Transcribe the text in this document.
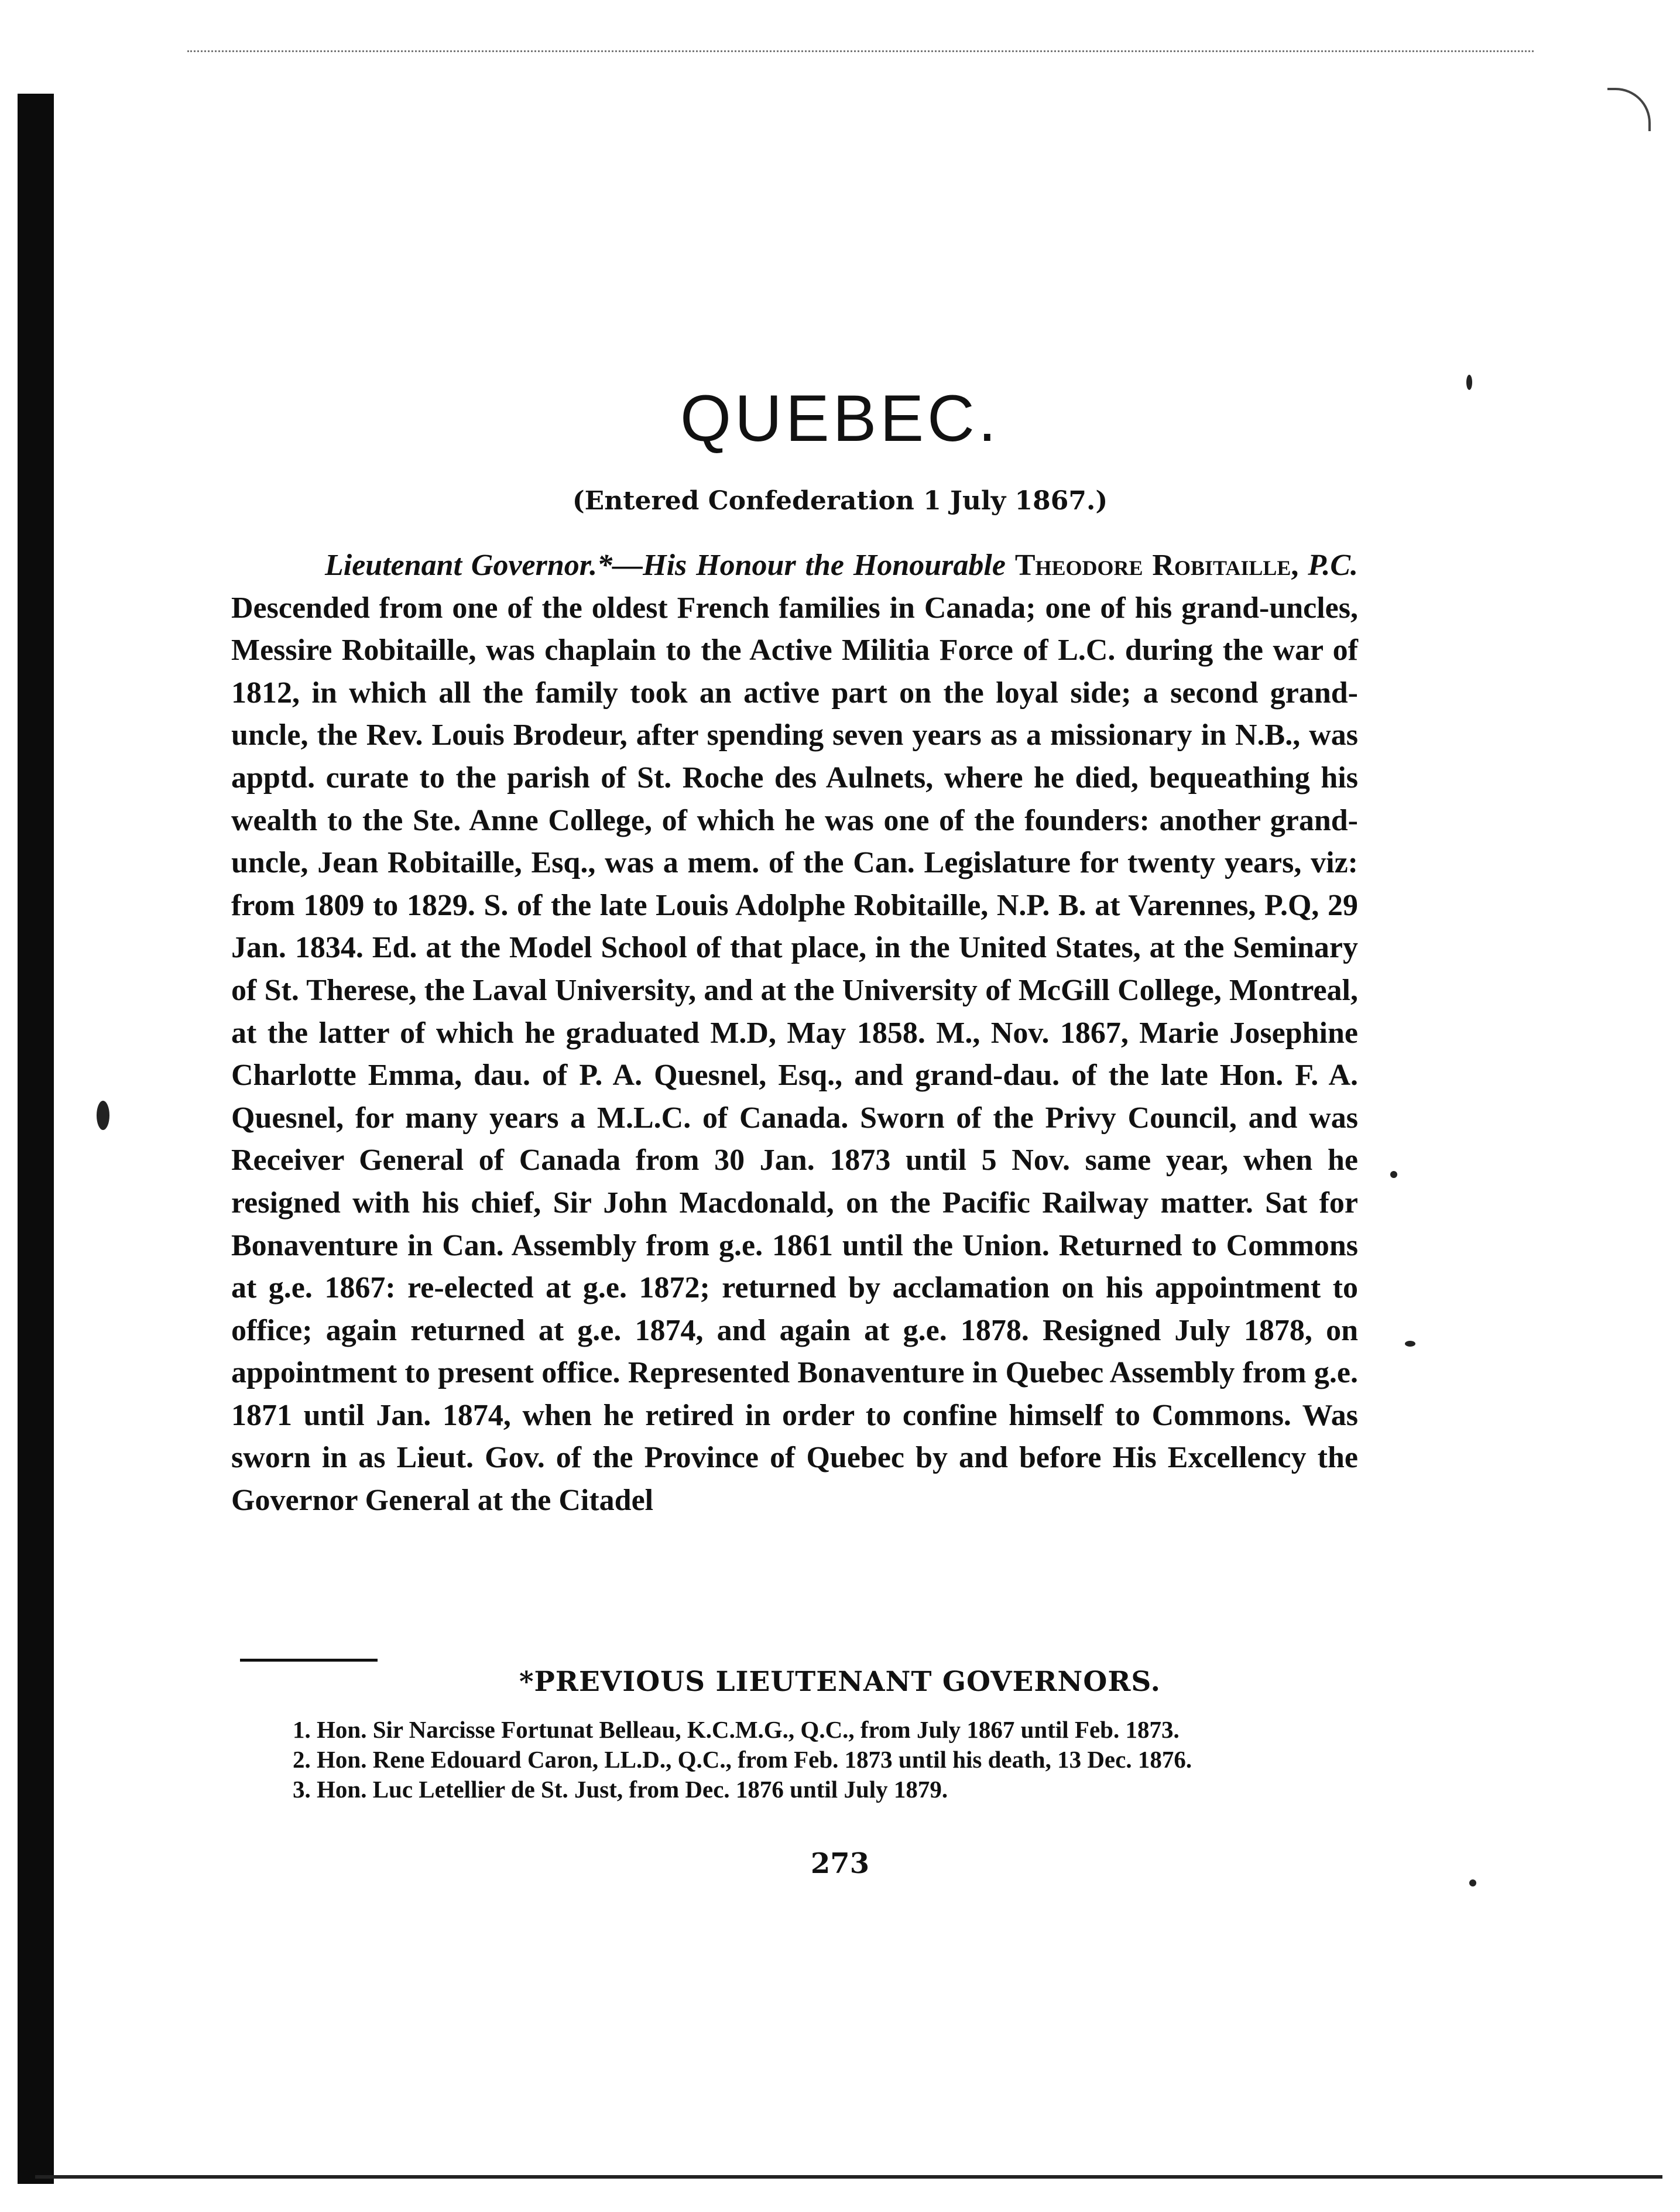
QUEBEC.

(Entered Confederation 1 July 1867.)

Lieutenant Governor.*—His Honour the Honourable Theodore Robitaille, P.C. Descended from one of the oldest French families in Canada; one of his grand-uncles, Messire Robitaille, was chaplain to the Active Militia Force of L.C. during the war of 1812, in which all the family took an active part on the loyal side; a second grand-uncle, the Rev. Louis Brodeur, after spending seven years as a missionary in N.B., was apptd. curate to the parish of St. Roche des Aulnets, where he died, bequeathing his wealth to the Ste. Anne College, of which he was one of the founders: another grand-uncle, Jean Robitaille, Esq., was a mem. of the Can. Legislature for twenty years, viz: from 1809 to 1829. S. of the late Louis Adolphe Robitaille, N.P. B. at Varennes, P.Q, 29 Jan. 1834. Ed. at the Model School of that place, in the United States, at the Seminary of St. Therese, the Laval University, and at the University of McGill College, Montreal, at the latter of which he graduated M.D, May 1858. M., Nov. 1867, Marie Josephine Charlotte Emma, dau. of P. A. Quesnel, Esq., and grand-dau. of the late Hon. F. A. Quesnel, for many years a M.L.C. of Canada. Sworn of the Privy Council, and was Receiver General of Canada from 30 Jan. 1873 until 5 Nov. same year, when he resigned with his chief, Sir John Macdonald, on the Pacific Railway matter. Sat for Bonaventure in Can. Assembly from g.e. 1861 until the Union. Returned to Commons at g.e. 1867: re-elected at g.e. 1872; returned by acclamation on his appointment to office; again returned at g.e. 1874, and again at g.e. 1878. Resigned July 1878, on appointment to present office. Represented Bonaventure in Quebec Assembly from g.e. 1871 until Jan. 1874, when he retired in order to confine himself to Commons. Was sworn in as Lieut. Gov. of the Province of Quebec by and before His Excellency the Governor General at the Citadel

*PREVIOUS LIEUTENANT GOVERNORS.

1. Hon. Sir Narcisse Fortunat Belleau, K.C.M.G., Q.C., from July 1867 until Feb. 1873.
2. Hon. Rene Edouard Caron, LL.D., Q.C., from Feb. 1873 until his death, 13 Dec. 1876.
3. Hon. Luc Letellier de St. Just, from Dec. 1876 until July 1879.

273
